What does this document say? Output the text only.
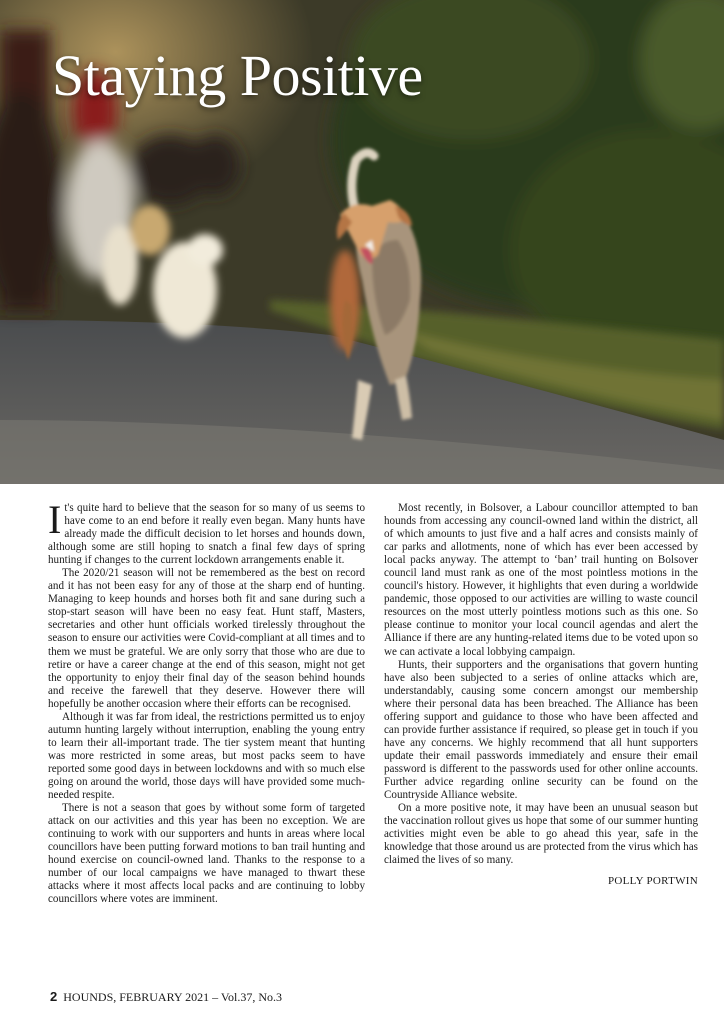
Staying Positive

It's quite hard to believe that the season for so many of us seems to have come to an end before it really even began. Many hunts have already made the difficult decision to let horses and hounds down, although some are still hoping to snatch a final few days of spring hunting if changes to the current lockdown arrangements enable it.

The 2020/21 season will not be remembered as the best on record and it has not been easy for any of those at the sharp end of hunting. Managing to keep hounds and horses both fit and sane during such a stop-start season will have been no easy feat. Hunt staff, Masters, secretaries and other hunt officials worked tirelessly throughout the season to ensure our activities were Covid-compliant at all times and to them we must be grateful. We are only sorry that those who are due to retire or have a career change at the end of this season, might not get the opportunity to enjoy their final day of the season behind hounds and receive the farewell that they deserve. However there will hopefully be another occasion where their efforts can be recognised.

Although it was far from ideal, the restrictions permitted us to enjoy autumn hunting largely without interruption, enabling the young entry to learn their all-important trade. The tier system meant that hunting was more restricted in some areas, but most packs seem to have reported some good days in between lockdowns and with so much else going on around the world, those days will have provided some much-needed respite.

There is not a season that goes by without some form of targeted attack on our activities and this year has been no exception. We are continuing to work with our supporters and hunts in areas where local councillors have been putting forward motions to ban trail hunting and hound exercise on council-owned land. Thanks to the response to a number of our local campaigns we have managed to thwart these attacks where it most affects local packs and are continuing to lobby councillors where votes are imminent.

Most recently, in Bolsover, a Labour councillor attempted to ban hounds from accessing any council-owned land within the district, all of which amounts to just five and a half acres and consists mainly of car parks and allotments, none of which has ever been accessed by local packs anyway. The attempt to ‘ban’ trail hunting on Bolsover council land must rank as one of the most pointless motions in the council's history. However, it highlights that even during a worldwide pandemic, those opposed to our activities are willing to waste council resources on the most utterly pointless motions such as this one. So please continue to monitor your local council agendas and alert the Alliance if there are any hunting-related items due to be voted upon so we can activate a local lobbying campaign.

Hunts, their supporters and the organisations that govern hunting have also been subjected to a series of online attacks which are, understandably, causing some concern amongst our membership where their personal data has been breached. The Alliance has been offering support and guidance to those who have been affected and can provide further assistance if required, so please get in touch if you have any concerns. We highly recommend that all hunt supporters update their email passwords immediately and ensure their email password is different to the passwords used for other online accounts. Further advice regarding online security can be found on the Countryside Alliance website.

On a more positive note, it may have been an unusual season but the vaccination rollout gives us hope that some of our summer hunting activities might even be able to go ahead this year, safe in the knowledge that those around us are protected from the virus which has claimed the lives of so many.

POLLY PORTWIN

2 HOUNDS, FEBRUARY 2021 – Vol.37, No.3
